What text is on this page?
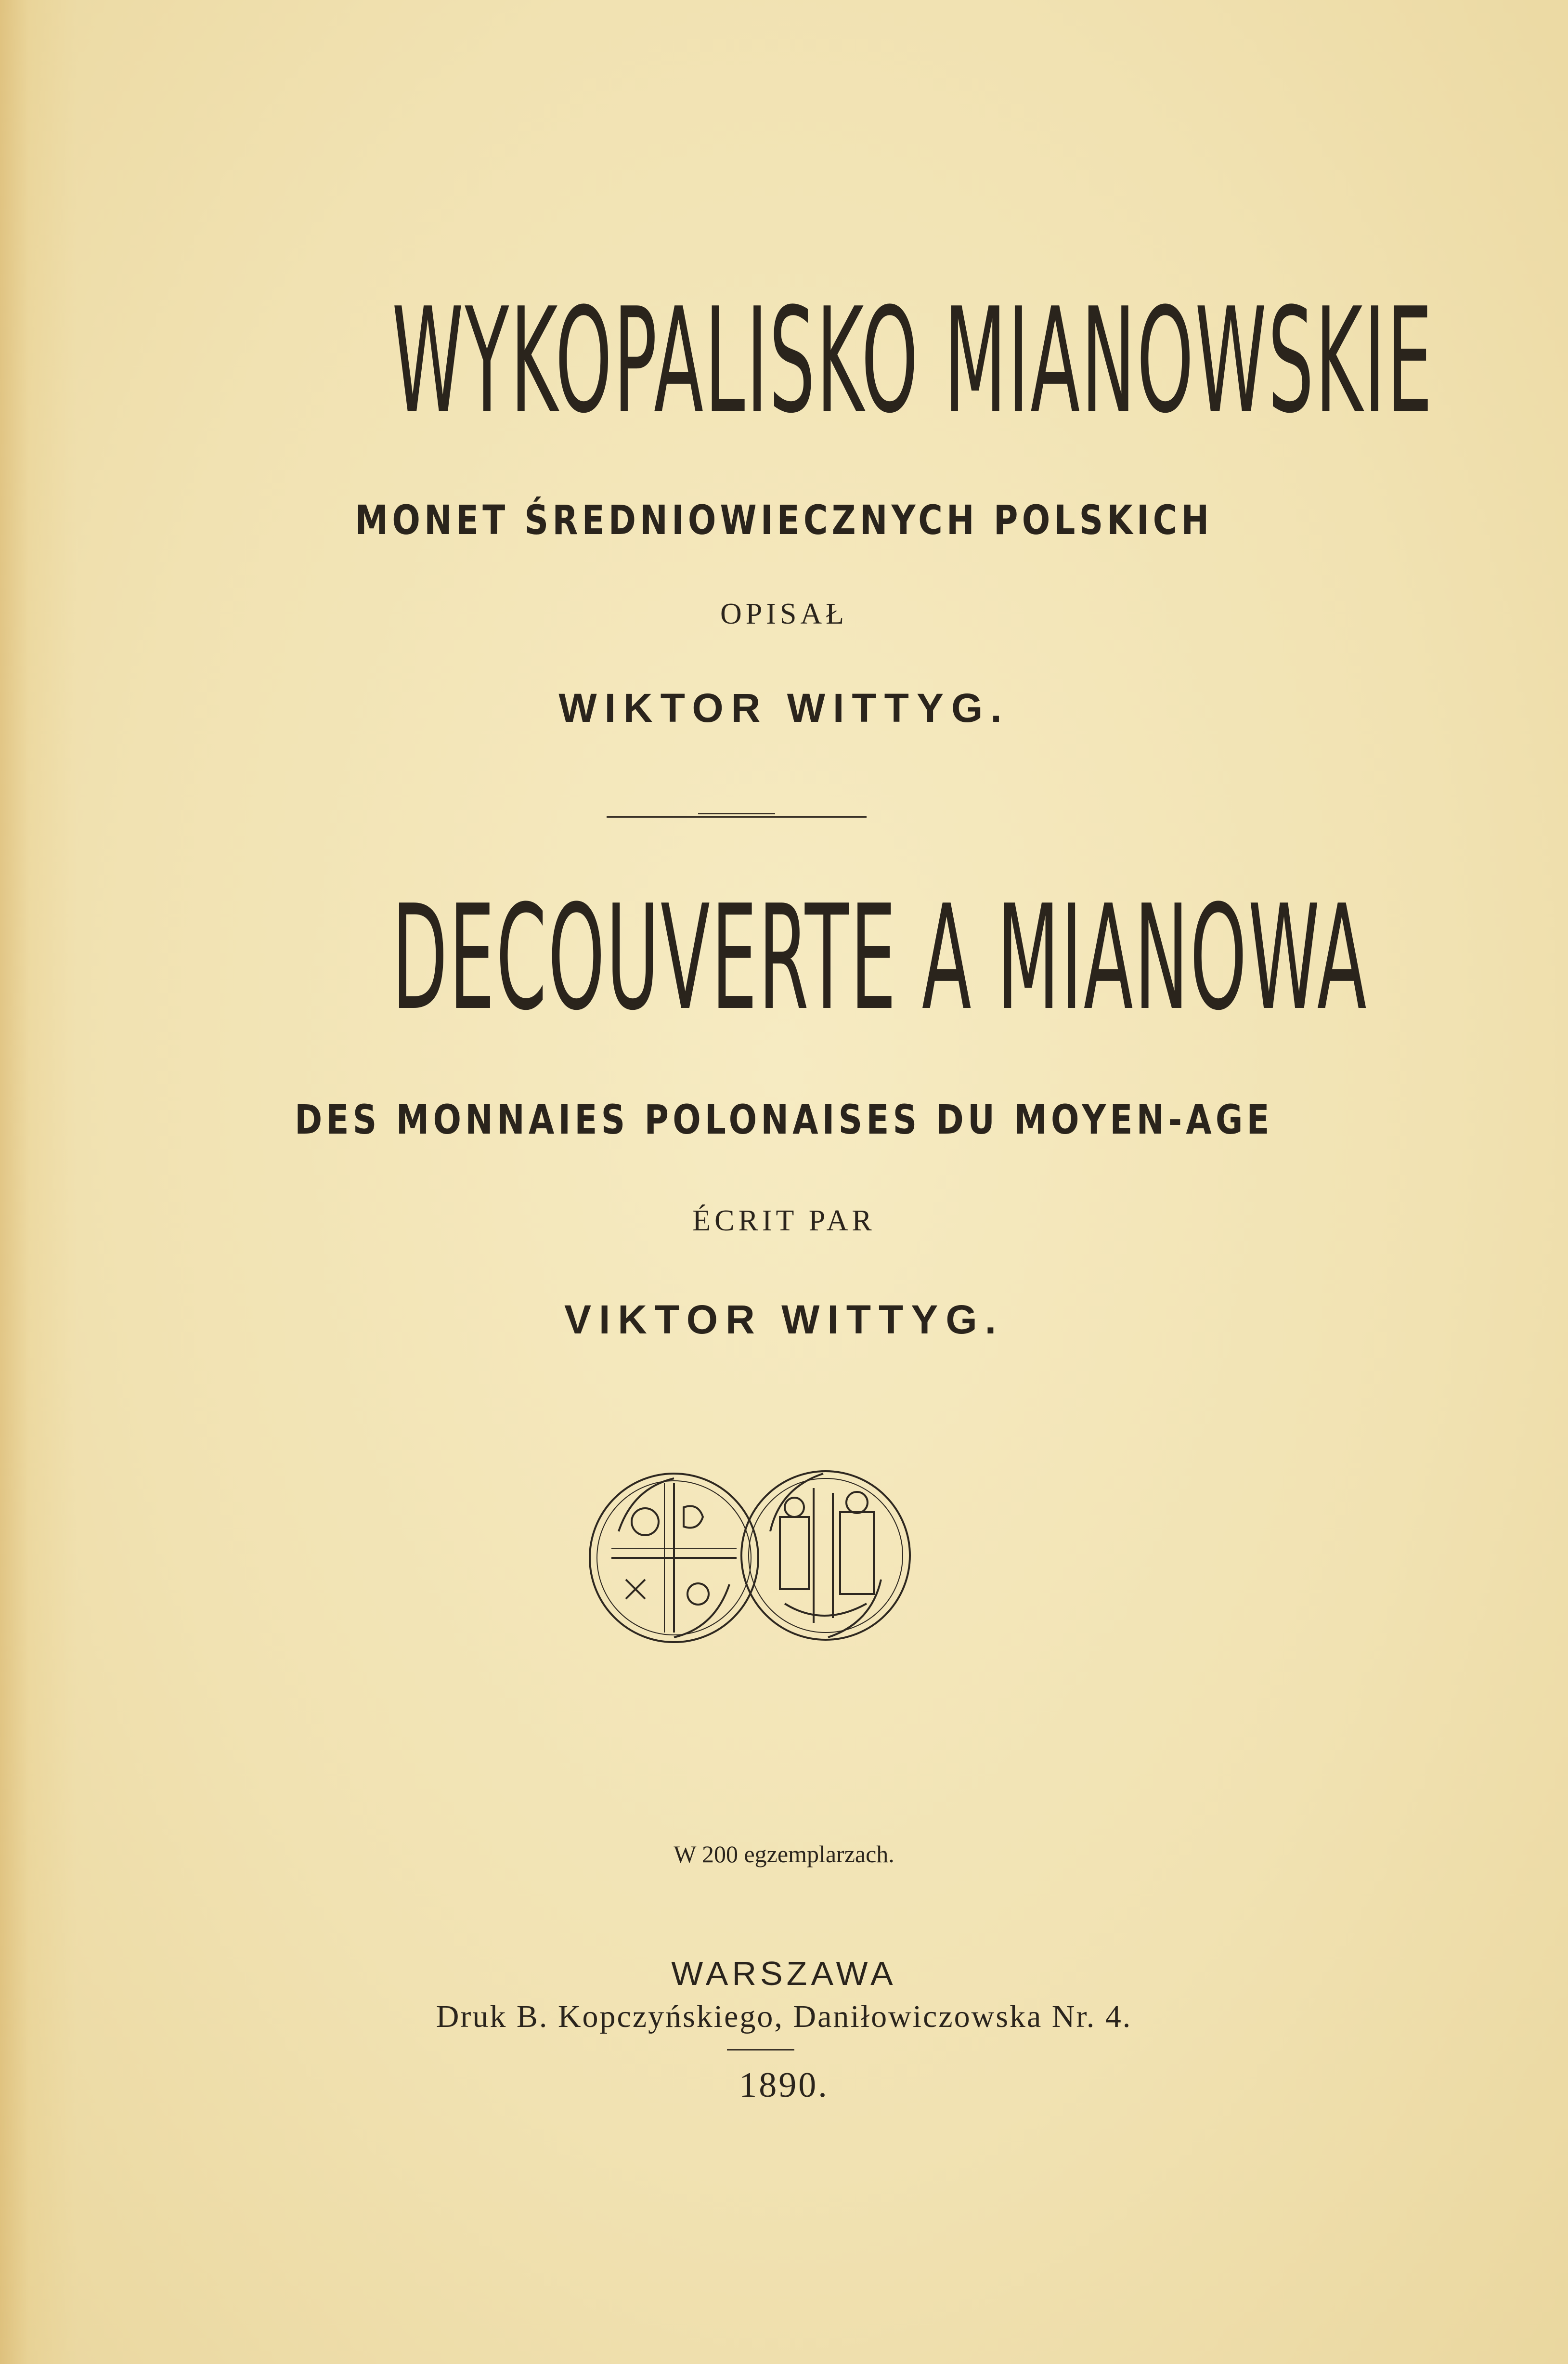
WYKOPALISKO MIANOWSKIE
MONET ŚREDNIOWIECZNYCH POLSKICH
OPISAŁ
WIKTOR WITTYG.
DECOUVERTE A MIANOWA
DES MONNAIES POLONAISES DU MOYEN-AGE
ÉCRIT PAR
VIKTOR WITTYG.
W 200 egzemplarzach.
WARSZAWA
Druk B. Kopczyńskiego, Daniłowiczowska Nr. 4.
1890.
